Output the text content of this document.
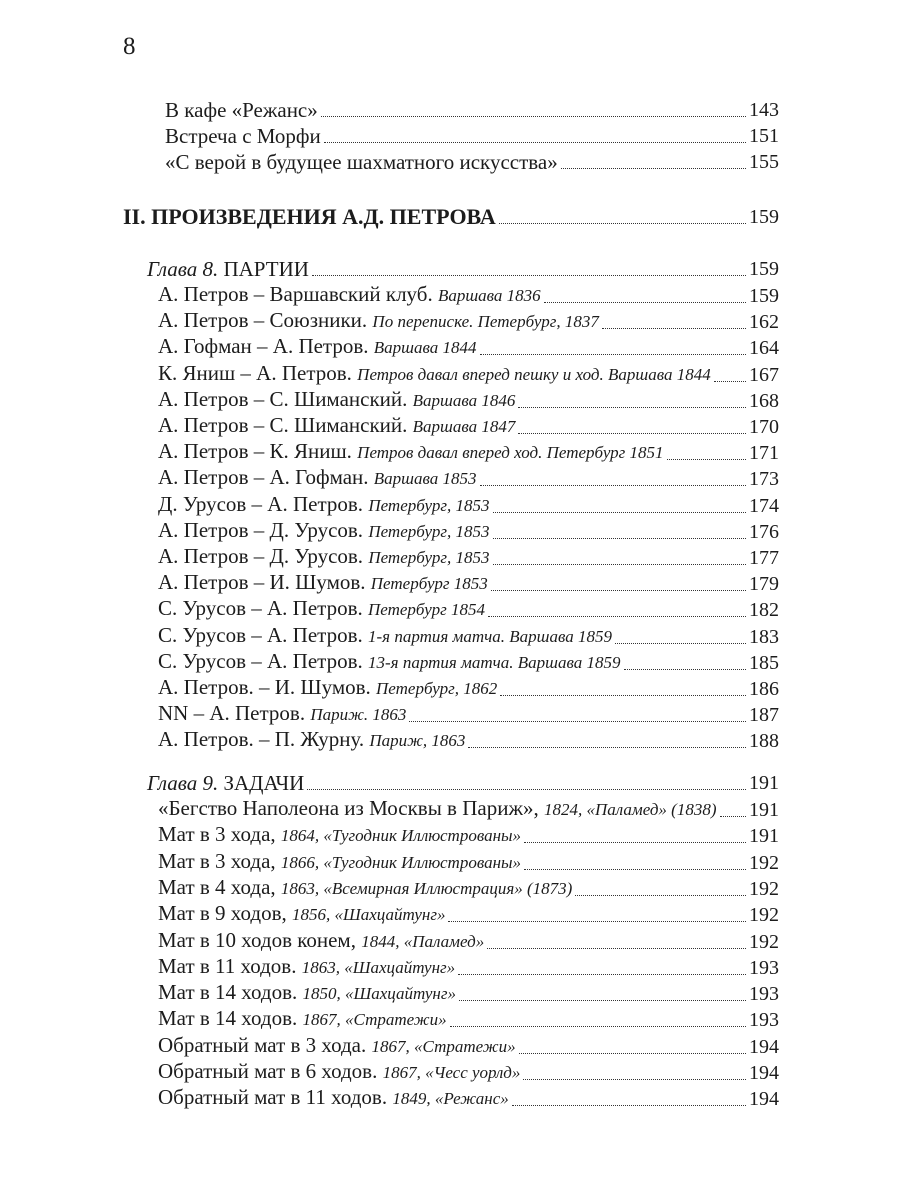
8
В кафе «Режанс»	143
Встреча с Морфи	151
«С верой в будущее шахматного искусства»	155
II. ПРОИЗВЕДЕНИЯ А.Д. ПЕТРОВА	159
Глава 8. ПАРТИИ	159
А. Петров – Варшавский клуб. Варшава 1836	159
А. Петров – Союзники. По переписке. Петербург, 1837	162
А. Гофман – А. Петров. Варшава 1844	164
К. Яниш – А. Петров. Петров давал вперед пешку и ход. Варшава 1844 167
А. Петров – С. Шиманский. Варшава 1846	168
А. Петров – С. Шиманский. Варшава 1847	170
А. Петров – К. Яниш. Петров давал вперед ход. Петербург 1851	171
А. Петров – А. Гофман. Варшава 1853	173
Д. Урусов – А. Петров. Петербург, 1853	174
А. Петров – Д. Урусов. Петербург, 1853	176
А. Петров – Д. Урусов. Петербург, 1853	177
А. Петров – И. Шумов. Петербург 1853	179
С. Урусов – А. Петров. Петербург 1854	182
С. Урусов – А. Петров. 1-я партия матча. Варшава 1859	183
С. Урусов – А. Петров. 13-я партия матча. Варшава 1859	185
А. Петров. – И. Шумов. Петербург, 1862	186
NN – А. Петров. Париж. 1863	187
А. Петров. – П. Журну. Париж, 1863	188
Глава 9. ЗАДАЧИ	191
«Бегство Наполеона из Москвы в Париж», 1824, «Паламед» (1838) 191
Мат в 3 хода, 1864, «Тугодник Иллюстрованы»	191
Мат в 3 хода, 1866, «Тугодник Иллюстрованы»	192
Мат в 4 хода, 1863, «Всемирная Иллюстрация» (1873)	192
Мат в 9 ходов, 1856, «Шахцайтунг»	192
Мат в 10 ходов конем, 1844, «Паламед»	192
Мат в 11 ходов. 1863, «Шахцайтунг»	193
Мат в 14 ходов. 1850, «Шахцайтунг»	193
Мат в 14 ходов. 1867, «Стратежи»	193
Обратный мат в 3 хода. 1867, «Стратежи»	194
Обратный мат в 6 ходов. 1867, «Чесс уорлд»	194
Обратный мат в 11 ходов. 1849, «Режанс»	194
